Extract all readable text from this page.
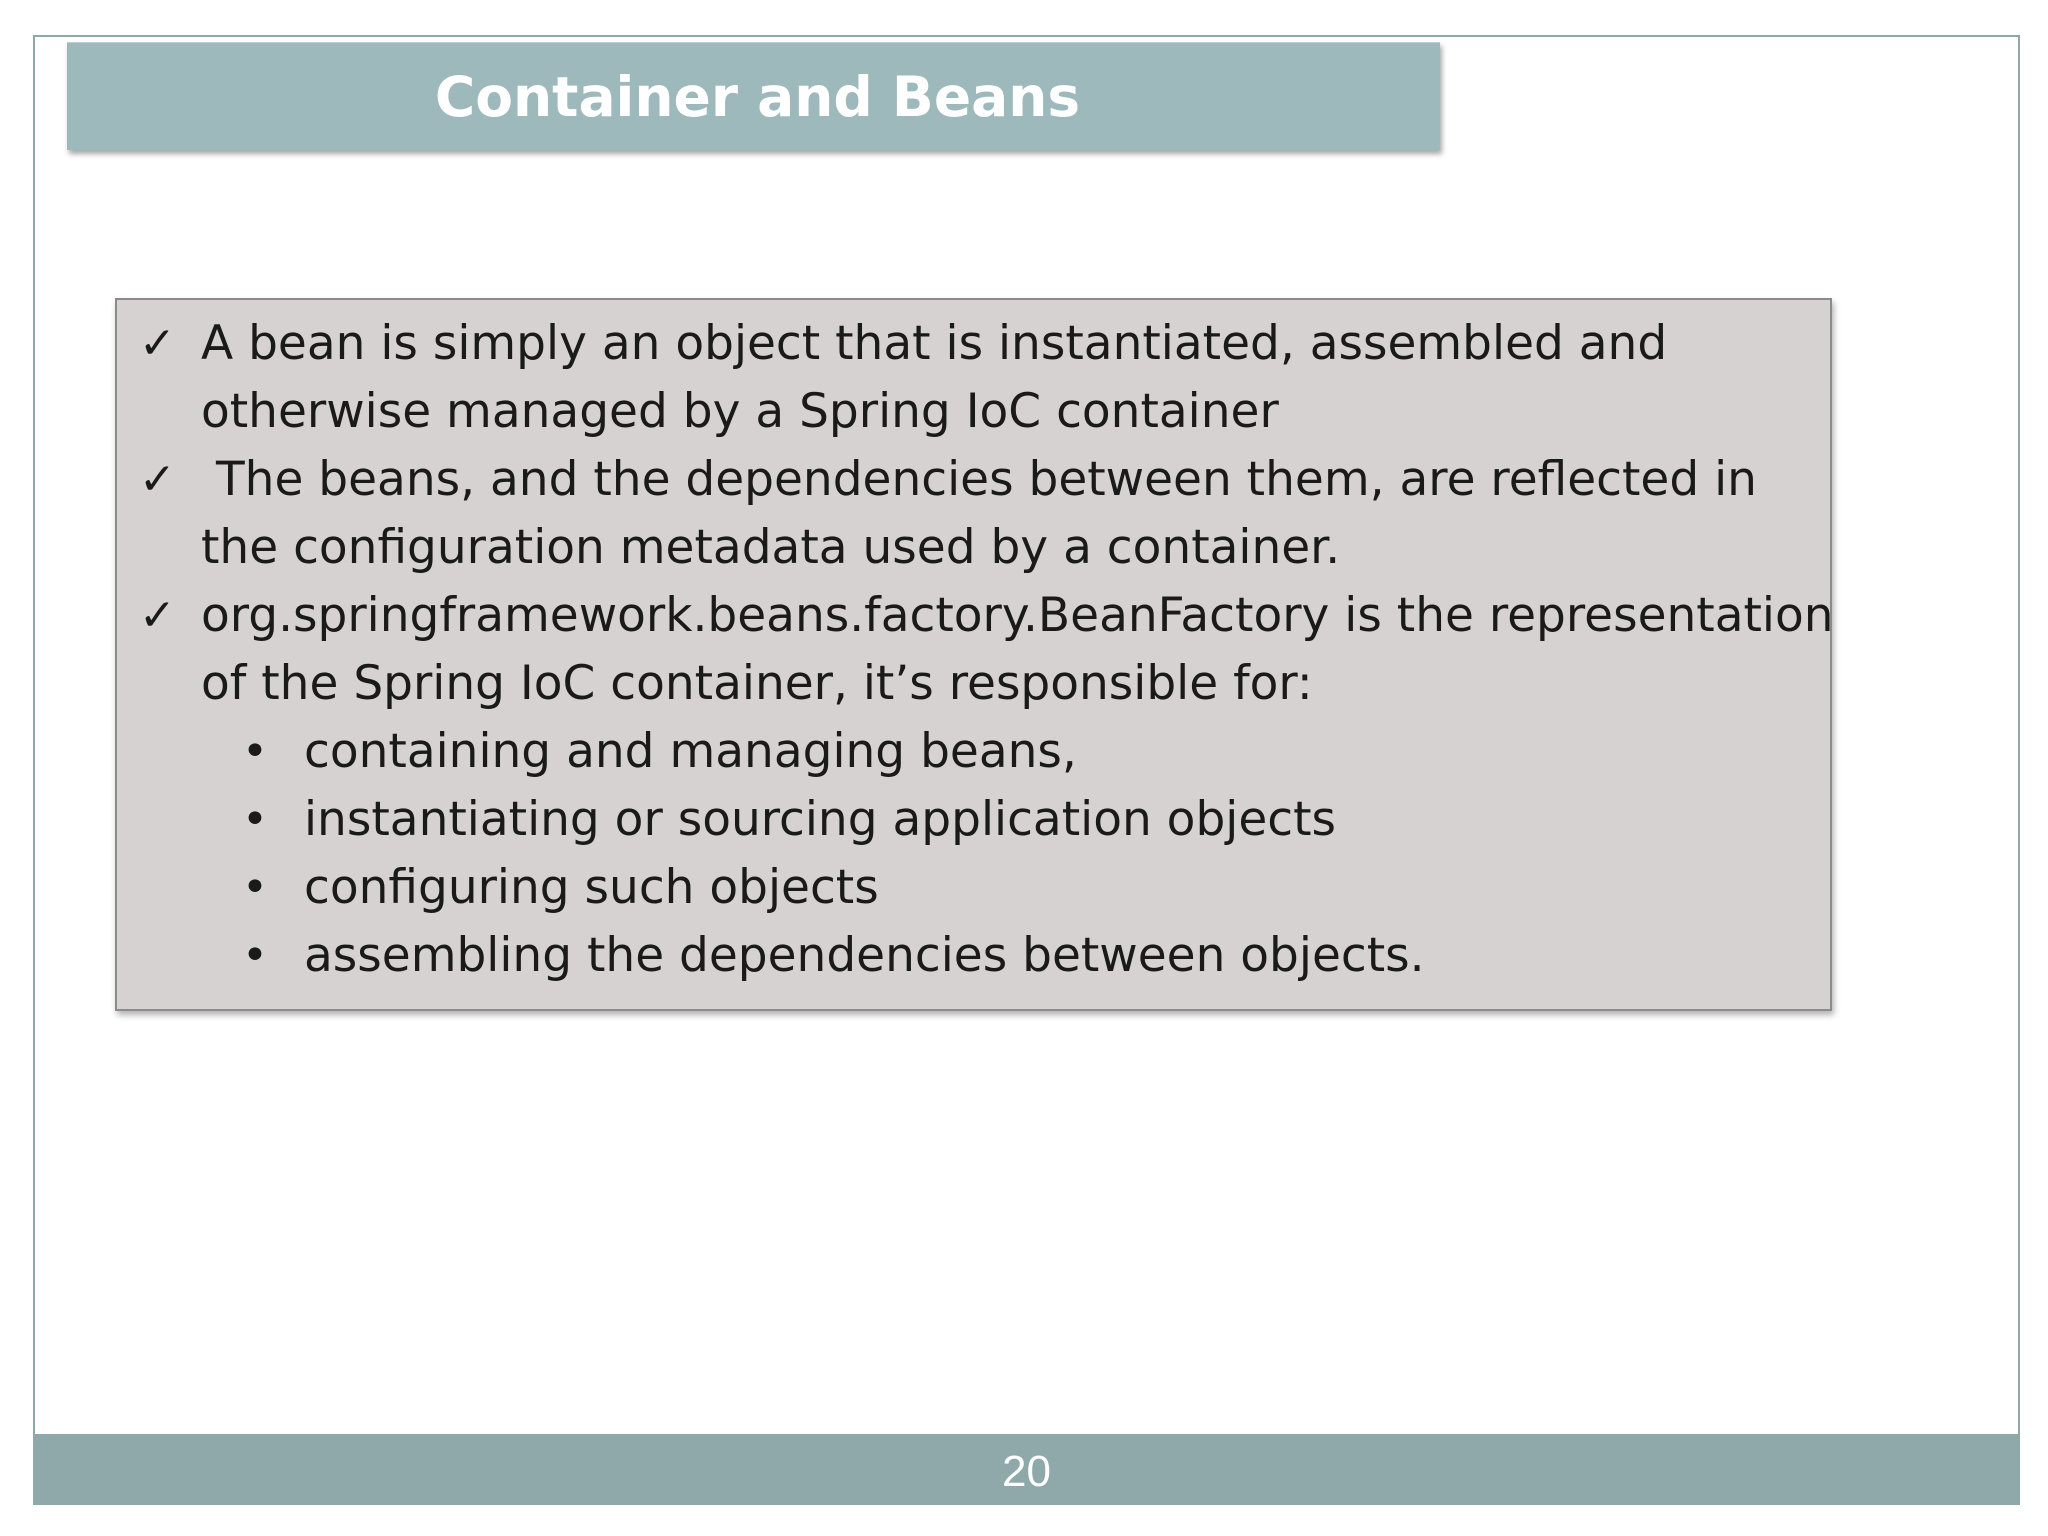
Container and Beans
✓ A bean is simply an object that is instantiated, assembled and
otherwise managed by a Spring IoC container
✓ The beans, and the dependencies between them, are reflected in
the configuration metadata used by a container.
✓ org.springframework.beans.factory.BeanFactory is the representation
of the Spring IoC container, it’s responsible for:
• containing and managing beans,
• instantiating or sourcing application objects
• configuring such objects
• assembling the dependencies between objects.
20
